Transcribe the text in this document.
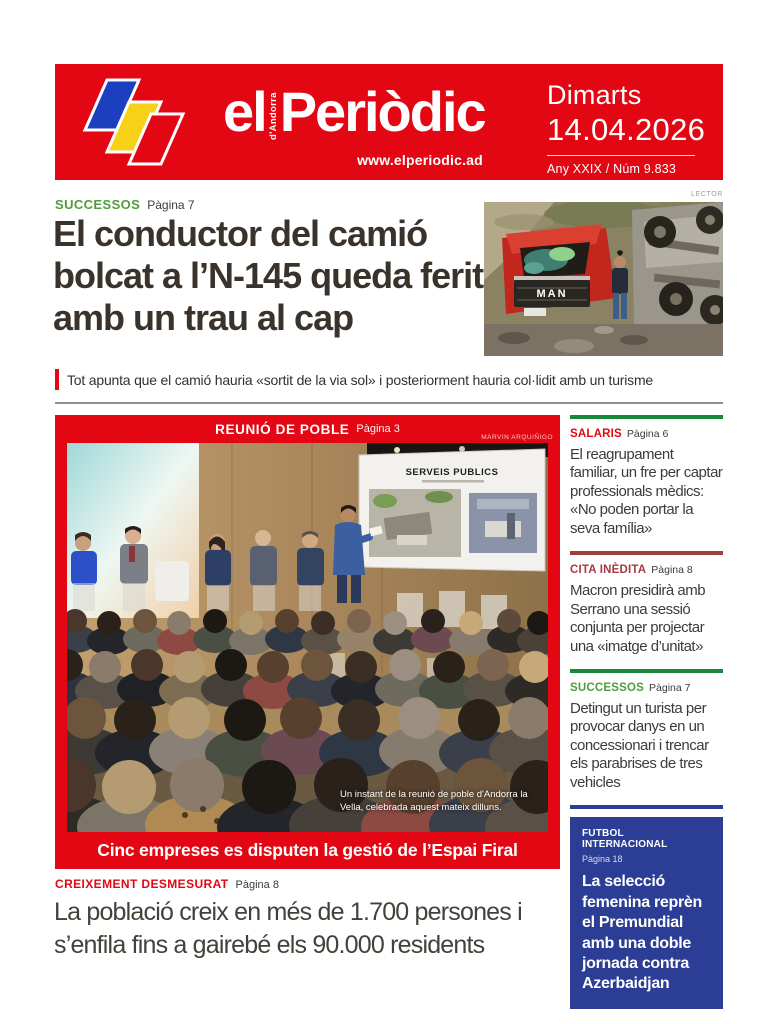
el d'Andorra Periòdic
www.elperiodic.ad
Dimarts
14.04.2026
Any XXIX / Núm 9.833
SUCCESSOS Pàgina 7
El conductor del camió bolcat a l’N-145 queda ferit amb un trau al cap
LECTOR
MAN
Tot apunta que el camió hauria «sortit de la via sol» i posteriorment hauria col·lidit amb un turisme
REUNIÓ DE POBLE Pàgina 3
MARVIN ARQUIÑIGO
SERVEIS PUBLICS
Un instant de la reunió de poble d'Andorra la Vella, celebrada aquest mateix dilluns.
Cinc empreses es disputen la gestió de l’Espai Firal
CREIXEMENT DESMESURAT Pàgina 8
La població creix en més de 1.700 persones i s’enfila fins a gairebé els 90.000 residents
SALARIS Pàgina 6
El reagrupament familiar, un fre per captar professionals mèdics: «No poden portar la seva família»
CITA INÈDITA Pàgina 8
Macron presidirà amb Serrano una sessió conjunta per projectar una «imatge d’unitat»
SUCCESSOS Pàgina 7
Detingut un turista per provocar danys en un concessionari i trencar els parabrises de tres vehicles
FUTBOL INTERNACIONAL
Pàgina 18
La selecció femenina reprèn el Premundial amb una doble jornada contra Azerbaidjan
